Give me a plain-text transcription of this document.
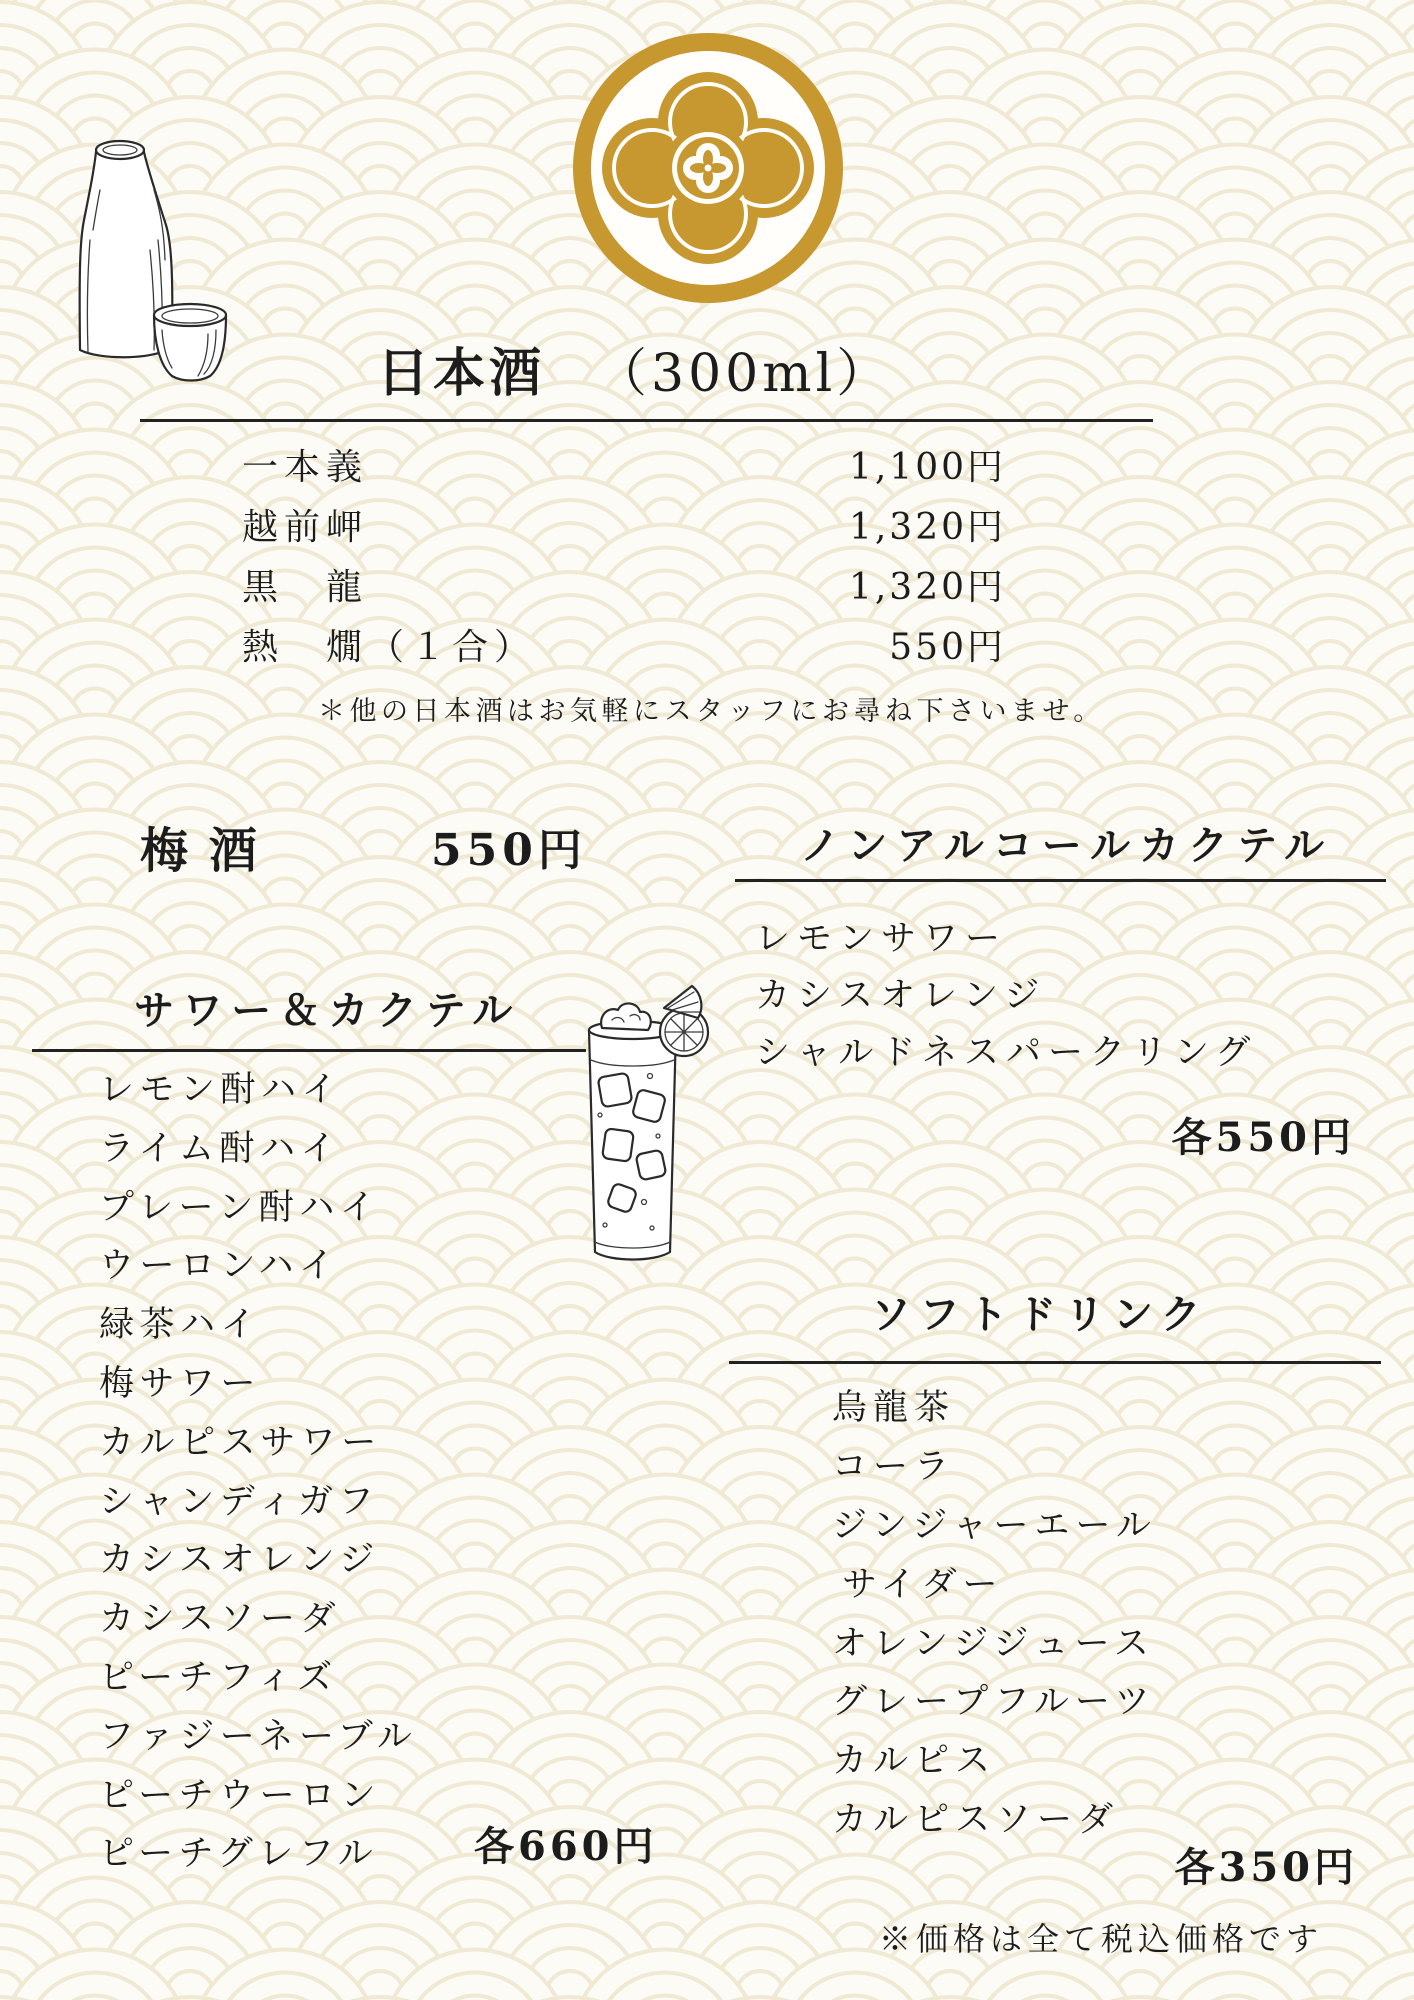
日本酒 （300ml）
一本義	1,100円
越前岬	1,320円
黒　龍	1,320円
熱　燗（１合）	550円
＊他の日本酒はお気軽にスタッフにお尋ね下さいませ。
梅 酒	550円
サワー＆カクテル
レモン酎ハイ
ライム酎ハイ
プレーン酎ハイ
ウーロンハイ
緑茶ハイ
梅サワー
カルピスサワー
シャンディガフ
カシスオレンジ
カシスソーダ
ピーチフィズ
ファジーネーブル
ピーチウーロン
ピーチグレフル	各660円
ノンアルコールカクテル
レモンサワー
カシスオレンジ
シャルドネスパークリング
各550円
ソフトドリンク
烏龍茶
コーラ
ジンジャーエール
サイダー
オレンジジュース
グレープフルーツ
カルピス
カルピスソーダ
各350円
※価格は全て税込価格です
